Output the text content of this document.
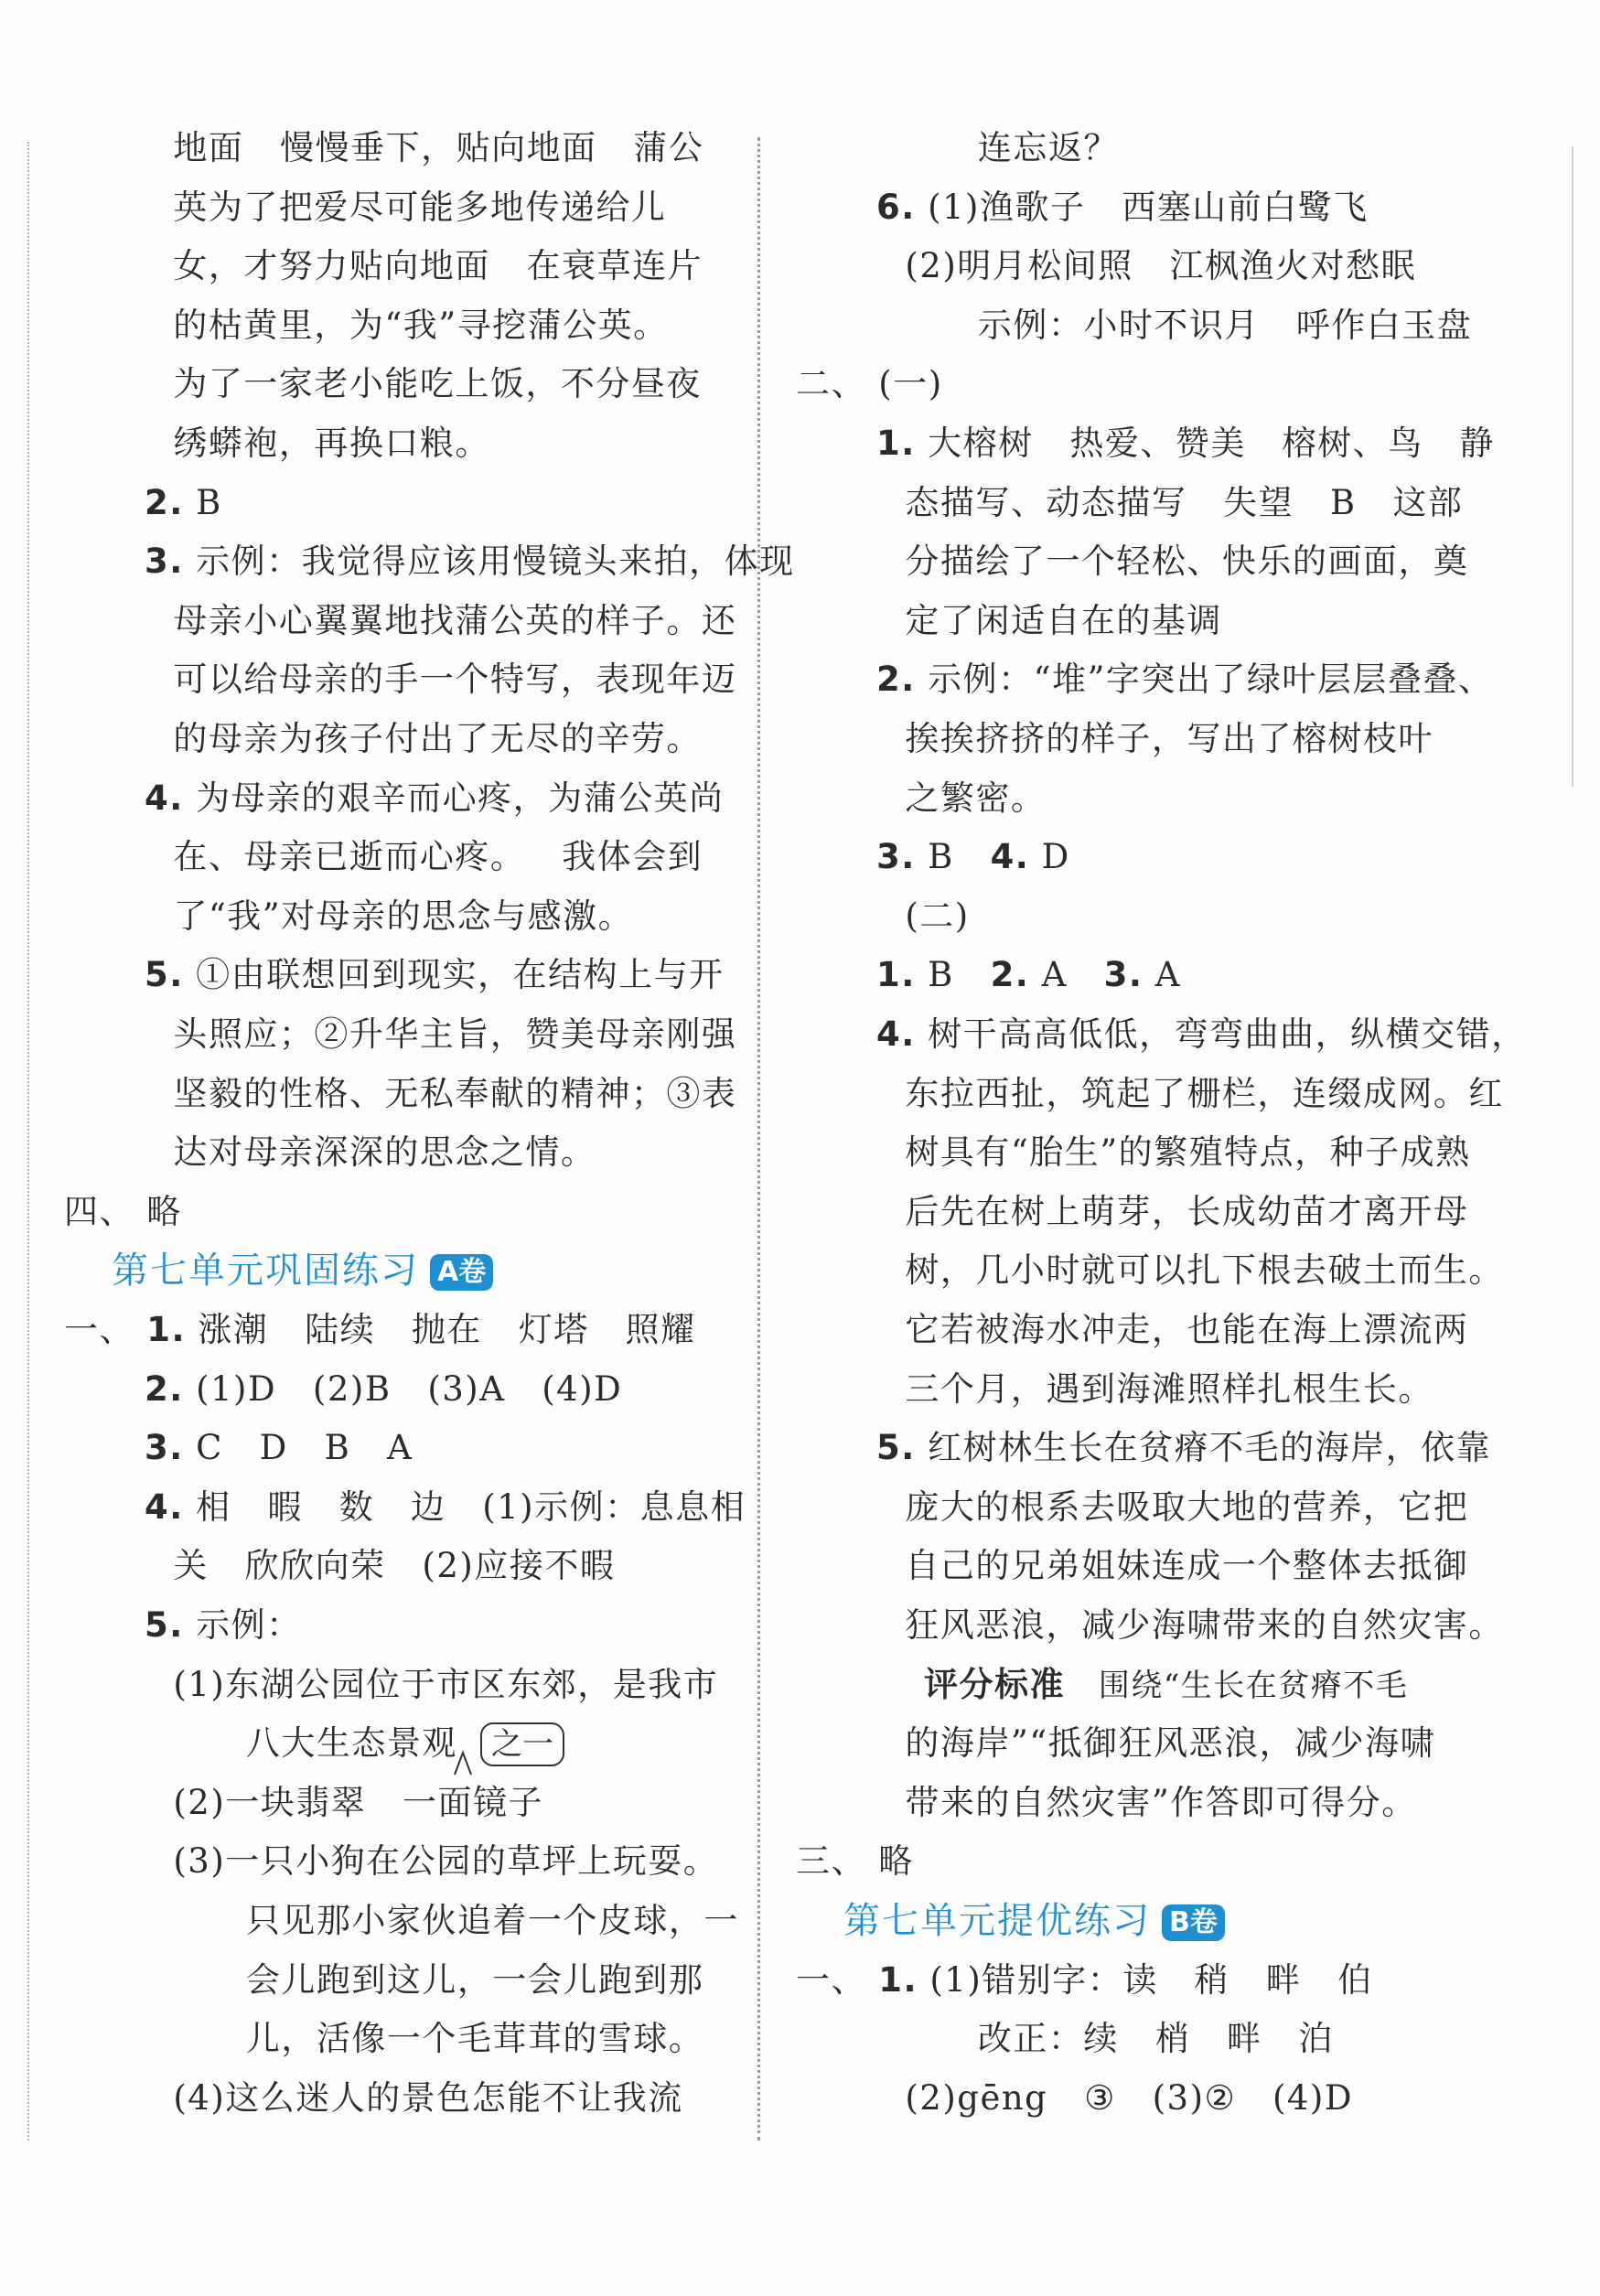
地面   慢慢垂下，贴向地面   蒲公
英为了把爱尽可能多地传递给儿
女，才努力贴向地面   在衰草连片
的枯黄里，为“我”寻挖蒲公英。
为了一家老小能吃上饭，不分昼夜
绣蟒袍，再换口粮。
2. B
3. 示例：我觉得应该用慢镜头来拍，体现
母亲小心翼翼地找蒲公英的样子。还
可以给母亲的手一个特写，表现年迈
的母亲为孩子付出了无尽的辛劳。
4. 为母亲的艰辛而心疼，为蒲公英尚
在、母亲已逝而心疼。   我体会到
了“我”对母亲的思念与感激。
5. ①由联想回到现实，在结构上与开
头照应；②升华主旨，赞美母亲刚强
坚毅的性格、无私奉献的精神；③表
达对母亲深深的思念之情。
四、 略
第七单元巩固练习 A卷
一、 1. 涨潮   陆续   抛在   灯塔   照耀
2. (1)D   (2)B   (3)A   (4)D
3. C   D   B   A
4. 相   暇   数   边   (1)示例：息息相
关   欣欣向荣   (2)应接不暇
5. 示例：
(1)东湖公园位于市区东郊，是我市
八大生态景观
(2)一块翡翠   一面镜子
(3)一只小狗在公园的草坪上玩耍。
只见那小家伙追着一个皮球，一
会儿跑到这儿，一会儿跑到那
儿，活像一个毛茸茸的雪球。
(4)这么迷人的景色怎能不让我流
连忘返？
6. (1)渔歌子   西塞山前白鹭飞
(2)明月松间照   江枫渔火对愁眠
示例：小时不识月   呼作白玉盘
二、 (一)
1. 大榕树   热爱、赞美   榕树、鸟   静
态描写、动态描写   失望   B   这部
分描绘了一个轻松、快乐的画面，奠
定了闲适自在的基调
2. 示例：“堆”字突出了绿叶层层叠叠、
挨挨挤挤的样子，写出了榕树枝叶
之繁密。
3. B   4. D
(二)
1. B   2. A   3. A
4. 树干高高低低，弯弯曲曲，纵横交错，
东拉西扯，筑起了栅栏，连缀成网。红
树具有“胎生”的繁殖特点，种子成熟
后先在树上萌芽，长成幼苗才离开母
树，几小时就可以扎下根去破土而生。
它若被海水冲走，也能在海上漂流两
三个月，遇到海滩照样扎根生长。
5. 红树林生长在贫瘠不毛的海岸，依靠
庞大的根系去吸取大地的营养，它把
自己的兄弟姐妹连成一个整体去抵御
狂风恶浪，减少海啸带来的自然灾害。
评分标准   围绕“生长在贫瘠不毛
的海岸”“抵御狂风恶浪，减少海啸
带来的自然灾害”作答即可得分。
三、 略
第七单元提优练习 B卷
一、 1. (1)错别字：读   稍   畔   伯
改正：续   梢   畔   泊
(2)gēng   ③   (3)②   (4)D
之一
